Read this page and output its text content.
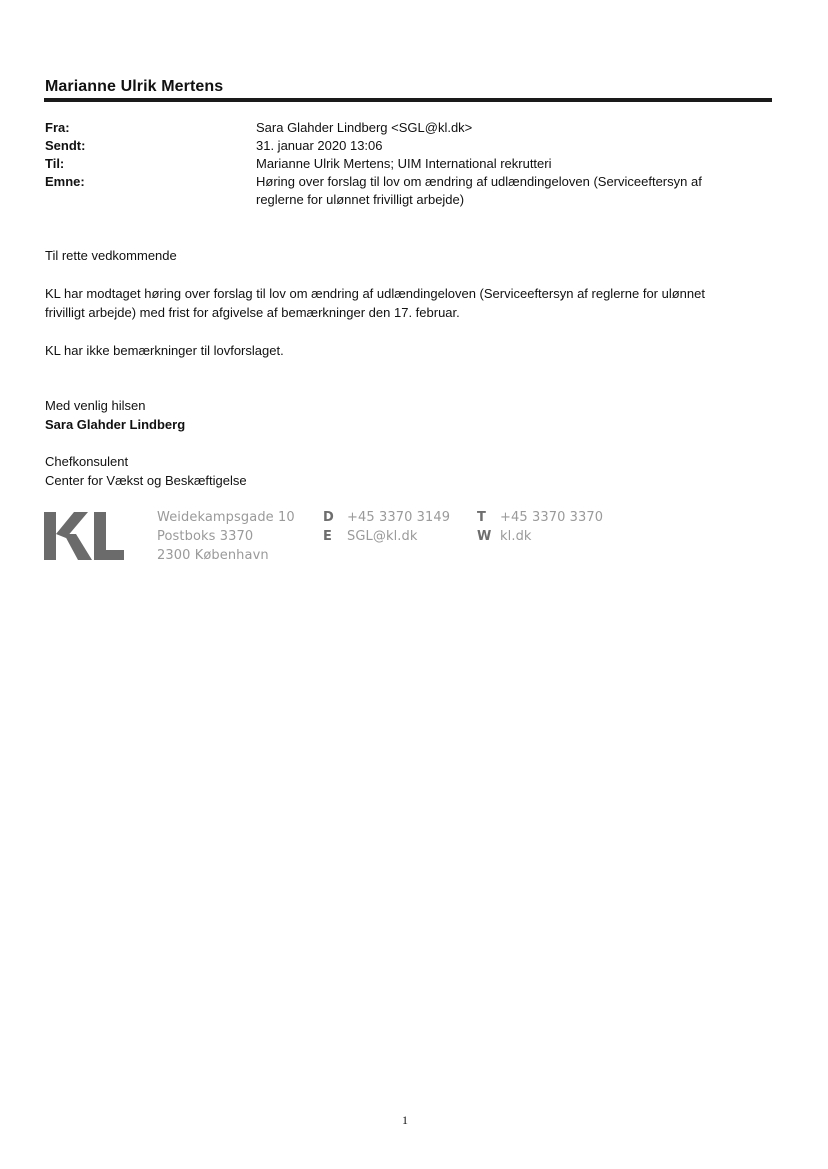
Marianne Ulrik Mertens
Fra:	Sara Glahder Lindberg <SGL@kl.dk>
Sendt:	31. januar 2020 13:06
Til:	Marianne Ulrik Mertens; UIM International rekrutteri
Emne:	Høring over forslag til lov om ændring af udlændingeloven (Serviceeftersyn af
reglerne for ulønnet frivilligt arbejde)
Til rette vedkommende
KL har modtaget høring over forslag til lov om ændring af udlændingeloven (Serviceeftersyn af reglerne for ulønnet
frivilligt arbejde) med frist for afgivelse af bemærkninger den 17. februar.
KL har ikke bemærkninger til lovforslaget.
Med venlig hilsen
Sara Glahder Lindberg
Chefkonsulent
Center for Vækst og Beskæftigelse
Weidekampsgade 10
Postboks 3370
2300 København
D +45 3370 3149
E SGL@kl.dk
T +45 3370 3370
W kl.dk
1
